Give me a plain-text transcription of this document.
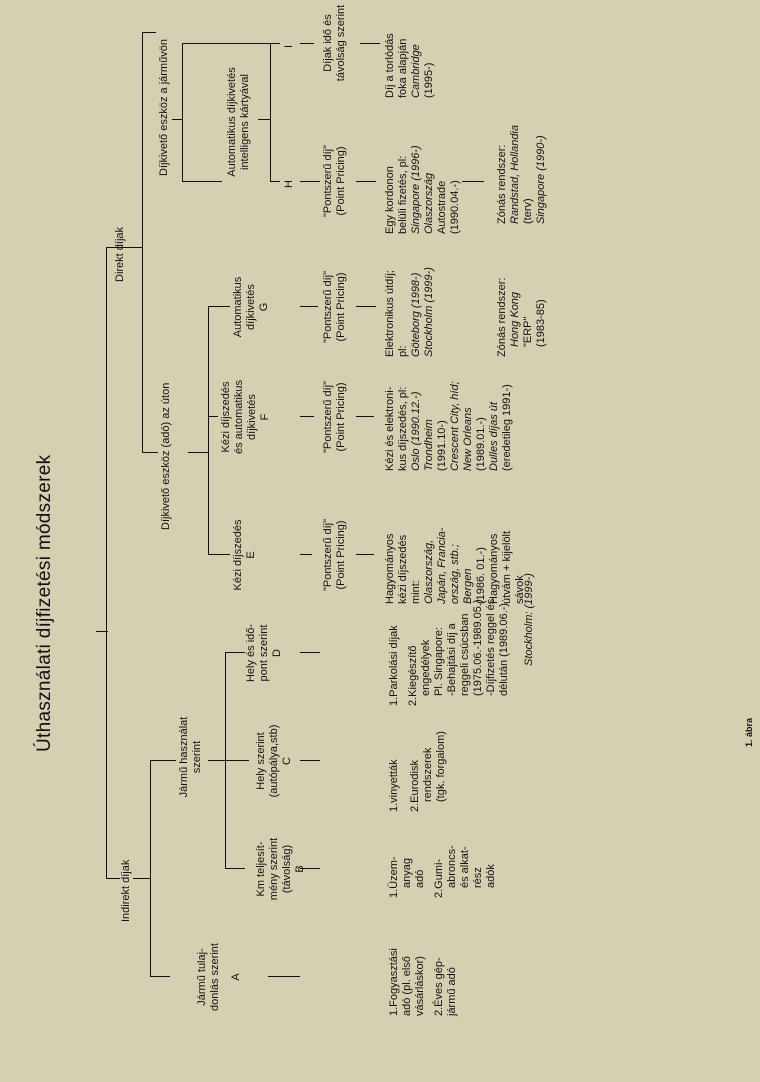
Úthasználati díjfizetési módszerek	1. ábra
Indirekt díjak
Jármű használat szerint
Direkt díjak
Díjkivető eszköz (adó) az úton
Díjkivető eszköz a járművön	Automatikus díjkivetés intelligens kártyával
Jármű tulaj- donlás szerint A	1.Fogyasztási adó (pl. első vásárláskor) 2.Éves gép- jármű adó
Km teljesít- mény szerint (távolság) B	1.Üzem- anyag adó 2.Gumi- abroncs- és alkat- rész adók
Hely szerint (autópálya,stb) C	1.vinyetták 2.Eurodisk rendszerek (tgk. forgalom)
Hely és idő- pont szerint D	1.Parkolási díjak 2.Kiegészítő engedélyek Pl. Singapore: -Behajtási díj a reggeli csúcsban (1975.06.-1989.05.) -Díjfizetés reggel és délután (1989.06.-) Stockholm: (1999-)
Kézi díjszedés E	"Pontszerű díj" (Point Pricing)	Hagyományos kézi díjszedés mint: Olaszország, Japán, Francia- ország, stb.; Bergen (1986. 01.-) Hagyományos útvám + kijelölt sávok
Kézi díjszedés és automatikus díjkivetés F	"Pontszerű díj" (Point Pricing)	Kézi és elektroni- kus díjszedés, pl: Oslo (1990.12.-) Trondheim (1991.10-) Crescent City, híd; New Orleans (1989.01.-) Dulles díjas út (eredetileg 1991-)
Automatikus díjkivetés G	"Pontszerű díj" (Point Pricing)	Elektronikus útdíj; pl: Göteborg (1998-) Stockholm (1999-)	Zónás rendszer: Hong Kong "ERP" (1983-85)
H "Pontszerű díj" (Point Pricing)	Egy kordonon belüli fizetés, pl: Singapore (1996-) Olaszország Autostrade (1990.04.-)	Zónás rendszer: Randstad, Hollandia (terv) Singapore (1990-)
I Díjak idő és távolság szerint	Díj a torlódás foka alapján Cambridge (1995-)
